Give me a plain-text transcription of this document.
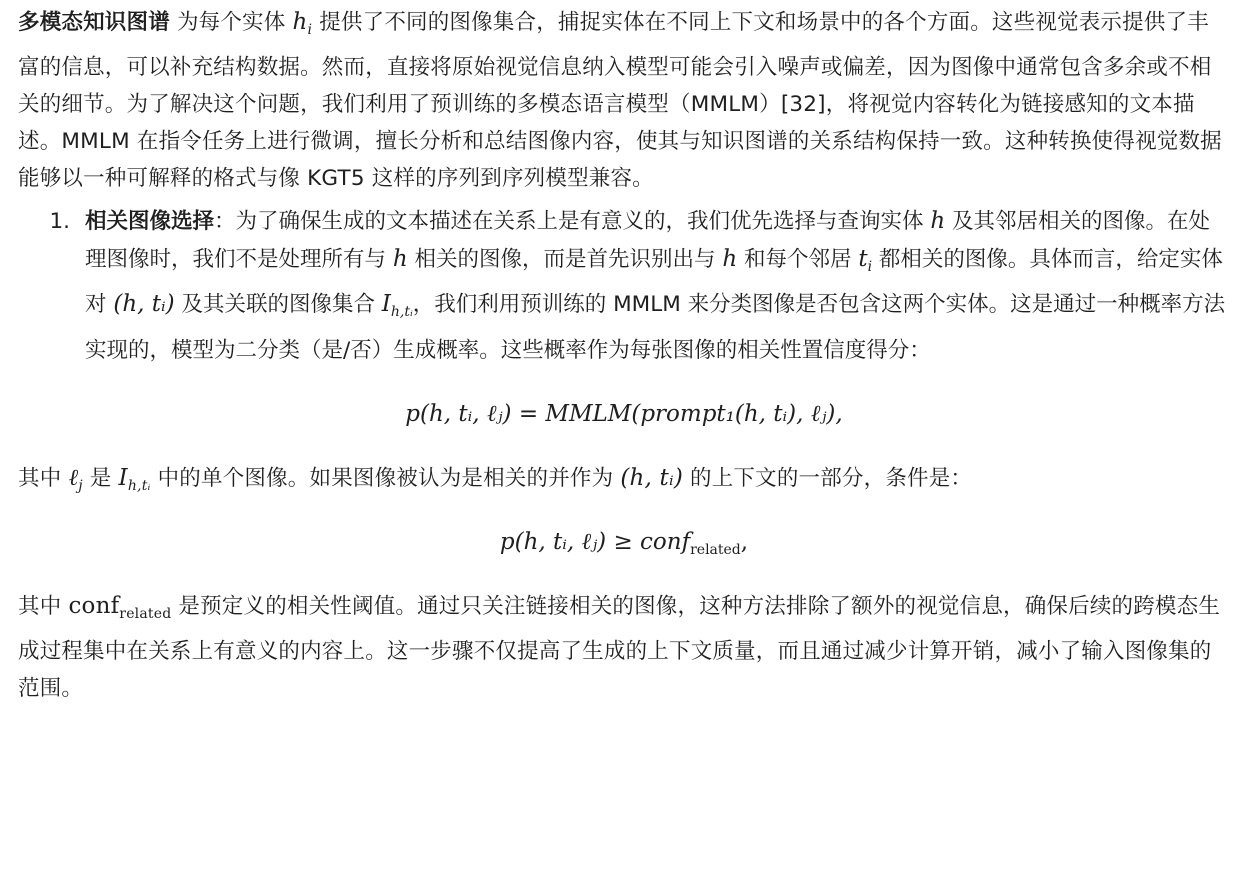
多模态知识图谱 为每个实体 $h_i$ 提供了不同的图像集合，捕捉实体在不同上下文和场景中的各个方面。这些视觉表示提供了丰富的信息，可以补充结构数据。然而，直接将原始视觉信息纳入模型可能会引入噪声或偏差，因为图像中通常包含多余或不相关的细节。为了解决这个问题，我们利用了预训练的多模态语言模型（MMLM）[32]，将视觉内容转化为链接感知的文本描述。MMLM 在指令任务上进行微调，擅长分析和总结图像内容，使其与知识图谱的关系结构保持一致。这种转换使得视觉数据能够以一种可解释的格式与像 KGT5 这样的序列到序列模型兼容。

1. 相关图像选择：为了确保生成的文本描述在关系上是有意义的，我们优先选择与查询实体 h 及其邻居相关的图像。在处理图像时，我们不是处理所有与 h 相关的图像，而是首先识别出与 h 和每个邻居 $t_i$ 都相关的图像。具体而言，给定实体对 (h, tᵢ) 及其关联的图像集合 $I_{h,tᵢ}$，我们利用预训练的 MMLM 来分类图像是否包含这两个实体。这是通过一种概率方法实现的，模型为二分类（是/否）生成概率。这些概率作为每张图像的相关性置信度得分：
p(h, tᵢ, ℓⱼ) = MMLM(prompt₁(h, tᵢ), ℓⱼ),

其中 ℓ$_j$ 是 $I_{h,tᵢ}$ 中的单个图像。如果图像被认为是相关的并作为 (h, tᵢ) 的上下文的一部分，条件是：

p(h, tᵢ, ℓⱼ) ≥ conf$_{related}$,

其中 conf$_{related}$ 是预定义的相关性阈值。通过只关注链接相关的图像，这种方法排除了额外的视觉信息，确保后续的跨模态生成过程集中在关系上有意义的内容上。这一步骤不仅提高了生成的上下文质量，而且通过减少计算开销，减小了输入图像集的范围。
